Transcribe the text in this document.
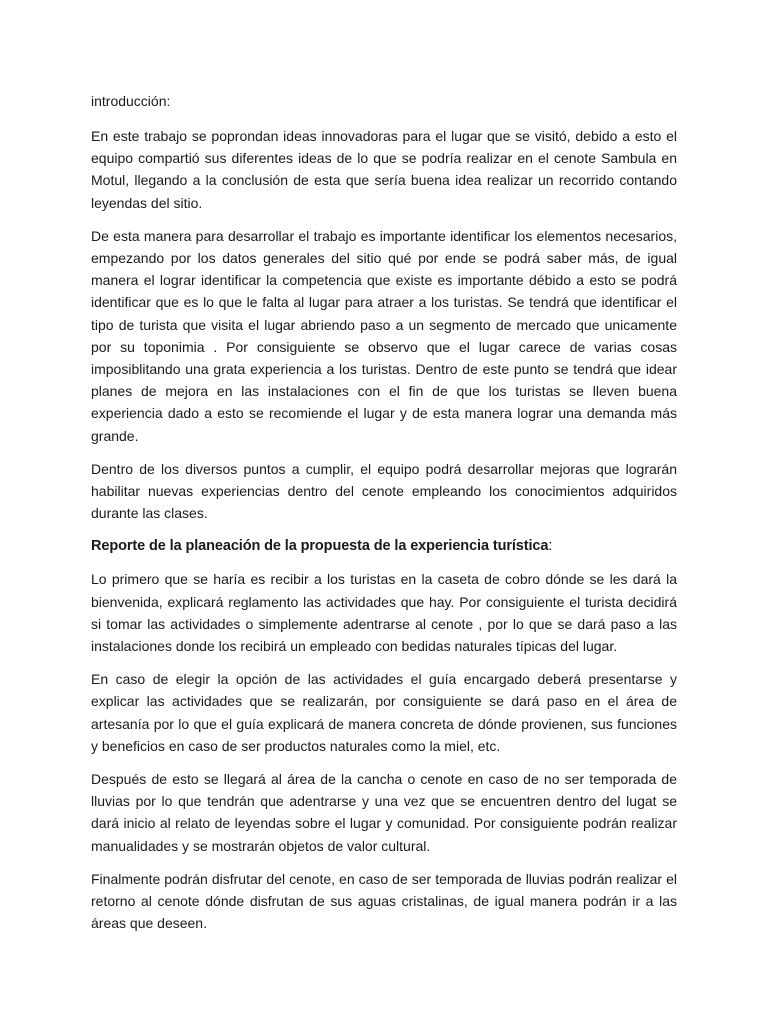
introducción:

En este trabajo se poprondan ideas innovadoras para el lugar que se visitó, debido a esto el equipo compartió sus diferentes ideas de lo que se podría realizar en el cenote Sambula en Motul, llegando a la conclusión de esta que sería buena idea realizar un recorrido contando leyendas del sitio.

De esta manera para desarrollar el trabajo es importante identificar los elementos necesarios, empezando por los datos generales del sitio qué por ende se podrá saber más, de igual manera el lograr identificar la competencia que existe es importante débido a esto se podrá identificar que es lo que le falta al lugar para atraer a los turistas. Se tendrá que identificar el tipo de turista que visita el lugar abriendo paso a un segmento de mercado que unicamente por su toponimia . Por consiguiente se observo que el lugar carece de varias cosas imposiblitando una grata experiencia a los turistas. Dentro de este punto se tendrá que idear planes de mejora en las instalaciones con el fin de que los turistas se lleven buena experiencia dado a esto se recomiende el lugar y de esta manera lograr una demanda más grande.

Dentro de los diversos puntos a cumplir, el equipo podrá desarrollar mejoras que lograrán habilitar nuevas experiencias dentro del cenote empleando los conocimientos adquiridos durante las clases.

Reporte de la planeación de la propuesta de la experiencia turística:

Lo primero que se haría es recibir a los turistas en la caseta de cobro dónde se les dará la bienvenida, explicará reglamento las actividades que hay. Por consiguiente el turista decidirá si tomar las actividades o simplemente adentrarse al cenote , por lo que se dará paso a las instalaciones donde los recibirá un empleado con bedidas naturales típicas del lugar.

En caso de elegir la opción de las actividades el guía encargado deberá presentarse y explicar las actividades que se realizarán, por consiguiente se dará paso en el área de artesanía por lo que el guía explicará de manera concreta de dónde provienen, sus funciones y beneficios en caso de ser productos naturales como la miel, etc.

Después de esto se llegará al área de la cancha o cenote en caso de no ser temporada de lluvias por lo que tendrán que adentrarse y una vez que se encuentren dentro del lugat se dará inicio al relato de leyendas sobre el lugar y comunidad. Por consiguiente podrán realizar manualidades y se mostrarán objetos de valor cultural.

Finalmente podrán disfrutar del cenote, en caso de ser temporada de lluvias podrán realizar el retorno al cenote dónde disfrutan de sus aguas cristalinas, de igual manera podrán ir a las áreas que deseen.
